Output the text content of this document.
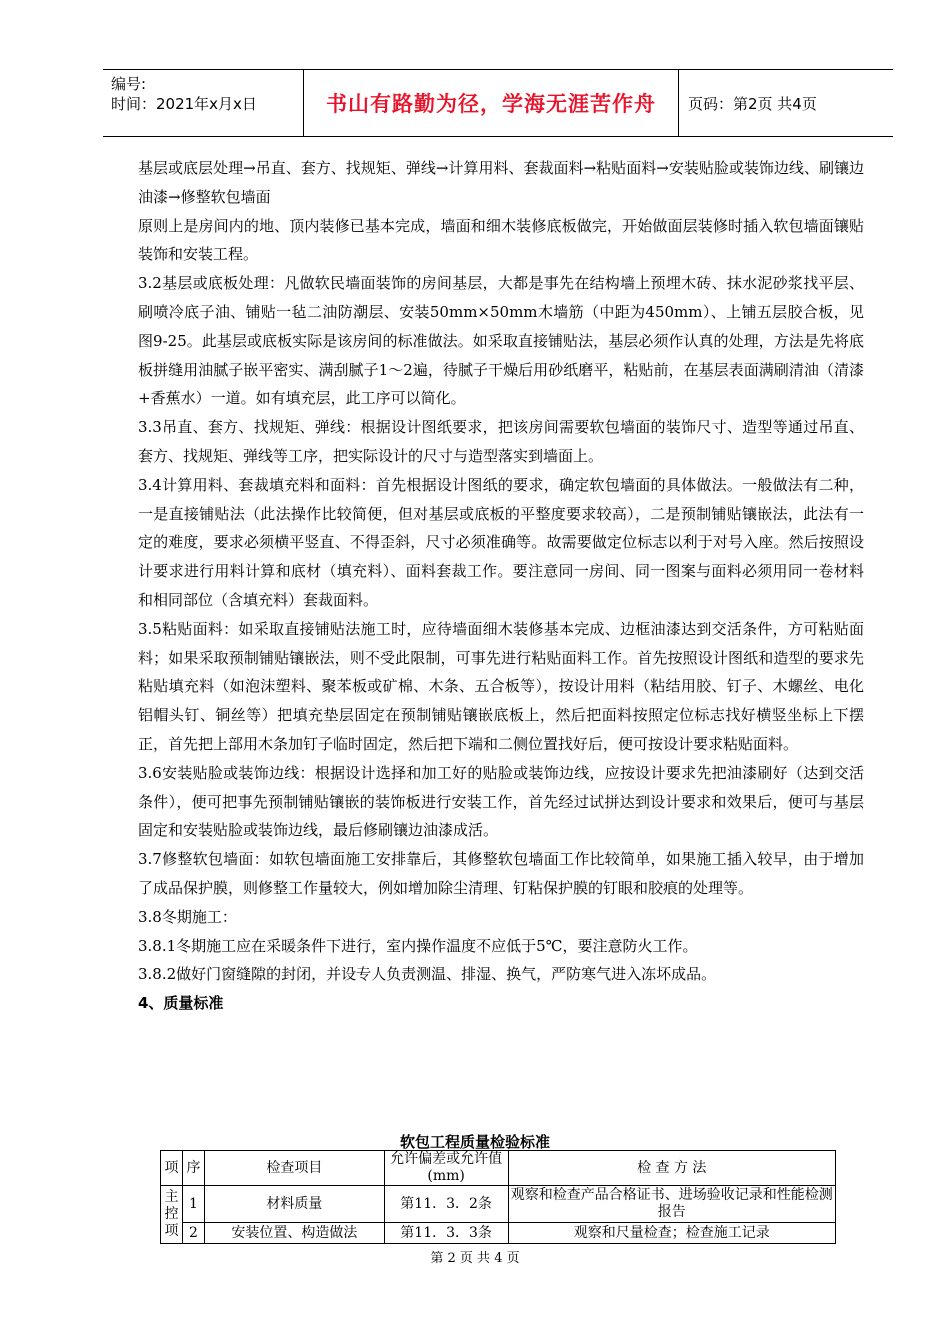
编号:
时间：2021年x月x日	书山有路勤为径，学海无涯苦作舟	页码：第2页 共4页

基层或底层处理→吊直、套方、找规矩、弹线→计算用料、套裁面料→粘贴面料→安装贴脸或装饰边线、刷镶边油漆→修整软包墙面

原则上是房间内的地、顶内装修已基本完成，墙面和细木装修底板做完，开始做面层装修时插入软包墙面镶贴装饰和安装工程。

3.2基层或底板处理：凡做软民墙面装饰的房间基层，大都是事先在结构墙上预埋木砖、抹水泥砂浆找平层、刷喷冷底子油、铺贴一毡二油防潮层、安装50mm×50mm木墙筋（中距为450mm）、上铺五层胶合板，见图9-25。此基层或底板实际是该房间的标准做法。如采取直接铺贴法，基层必须作认真的处理，方法是先将底板拼缝用油腻子嵌平密实、满刮腻子1～2遍，待腻子干燥后用砂纸磨平，粘贴前，在基层表面满刷清油（清漆+香蕉水）一道。如有填充层，此工序可以简化。

3.3吊直、套方、找规矩、弹线：根据设计图纸要求，把该房间需要软包墙面的装饰尺寸、造型等通过吊直、套方、找规矩、弹线等工序，把实际设计的尺寸与造型落实到墙面上。

3.4计算用料、套裁填充料和面料：首先根据设计图纸的要求，确定软包墙面的具体做法。一般做法有二种，一是直接铺贴法（此法操作比较简便，但对基层或底板的平整度要求较高），二是预制铺贴镶嵌法，此法有一定的难度，要求必须横平竖直、不得歪斜，尺寸必须准确等。故需要做定位标志以利于对号入座。然后按照设计要求进行用料计算和底材（填充料）、面料套裁工作。要注意同一房间、同一图案与面料必须用同一卷材料和相同部位（含填充料）套裁面料。

3.5粘贴面料：如采取直接铺贴法施工时，应待墙面细木装修基本完成、边框油漆达到交活条件，方可粘贴面料；如果采取预制铺贴镶嵌法，则不受此限制，可事先进行粘贴面料工作。首先按照设计图纸和造型的要求先粘贴填充料（如泡沫塑料、聚苯板或矿棉、木条、五合板等），按设计用料（粘结用胶、钉子、木螺丝、电化铝帽头钉、铜丝等）把填充垫层固定在预制铺贴镶嵌底板上，然后把面料按照定位标志找好横竖坐标上下摆正，首先把上部用木条加钉子临时固定，然后把下端和二侧位置找好后，便可按设计要求粘贴面料。

3.6安装贴脸或装饰边线：根据设计选择和加工好的贴脸或装饰边线，应按设计要求先把油漆刷好（达到交活条件），便可把事先预制铺贴镶嵌的装饰板进行安装工作，首先经过试拼达到设计要求和效果后，便可与基层固定和安装贴脸或装饰边线，最后修刷镶边油漆成活。

3.7修整软包墙面：如软包墙面施工安排靠后，其修整软包墙面工作比较简单，如果施工插入较早，由于增加了成品保护膜，则修整工作量较大，例如增加除尘清理、钉粘保护膜的钉眼和胶痕的处理等。

3.8冬期施工：

3.8.1冬期施工应在采暖条件下进行，室内操作温度不应低于5℃，要注意防火工作。

3.8.2做好门窗缝隙的封闭，并设专人负责测温、排湿、换气，严防寒气进入冻坏成品。

4、质量标准

软包工程质量检验标准
项	序	检查项目	允许偏差或允许值(mm)	检 查 方 法
主控项	1	材料质量	第11．3．2条	观察和检查产品合格证书、进场验收记录和性能检测报告
	2	安装位置、构造做法	第11．3．3条	观察和尺量检查；检查施工记录
第 2 页 共 4 页
